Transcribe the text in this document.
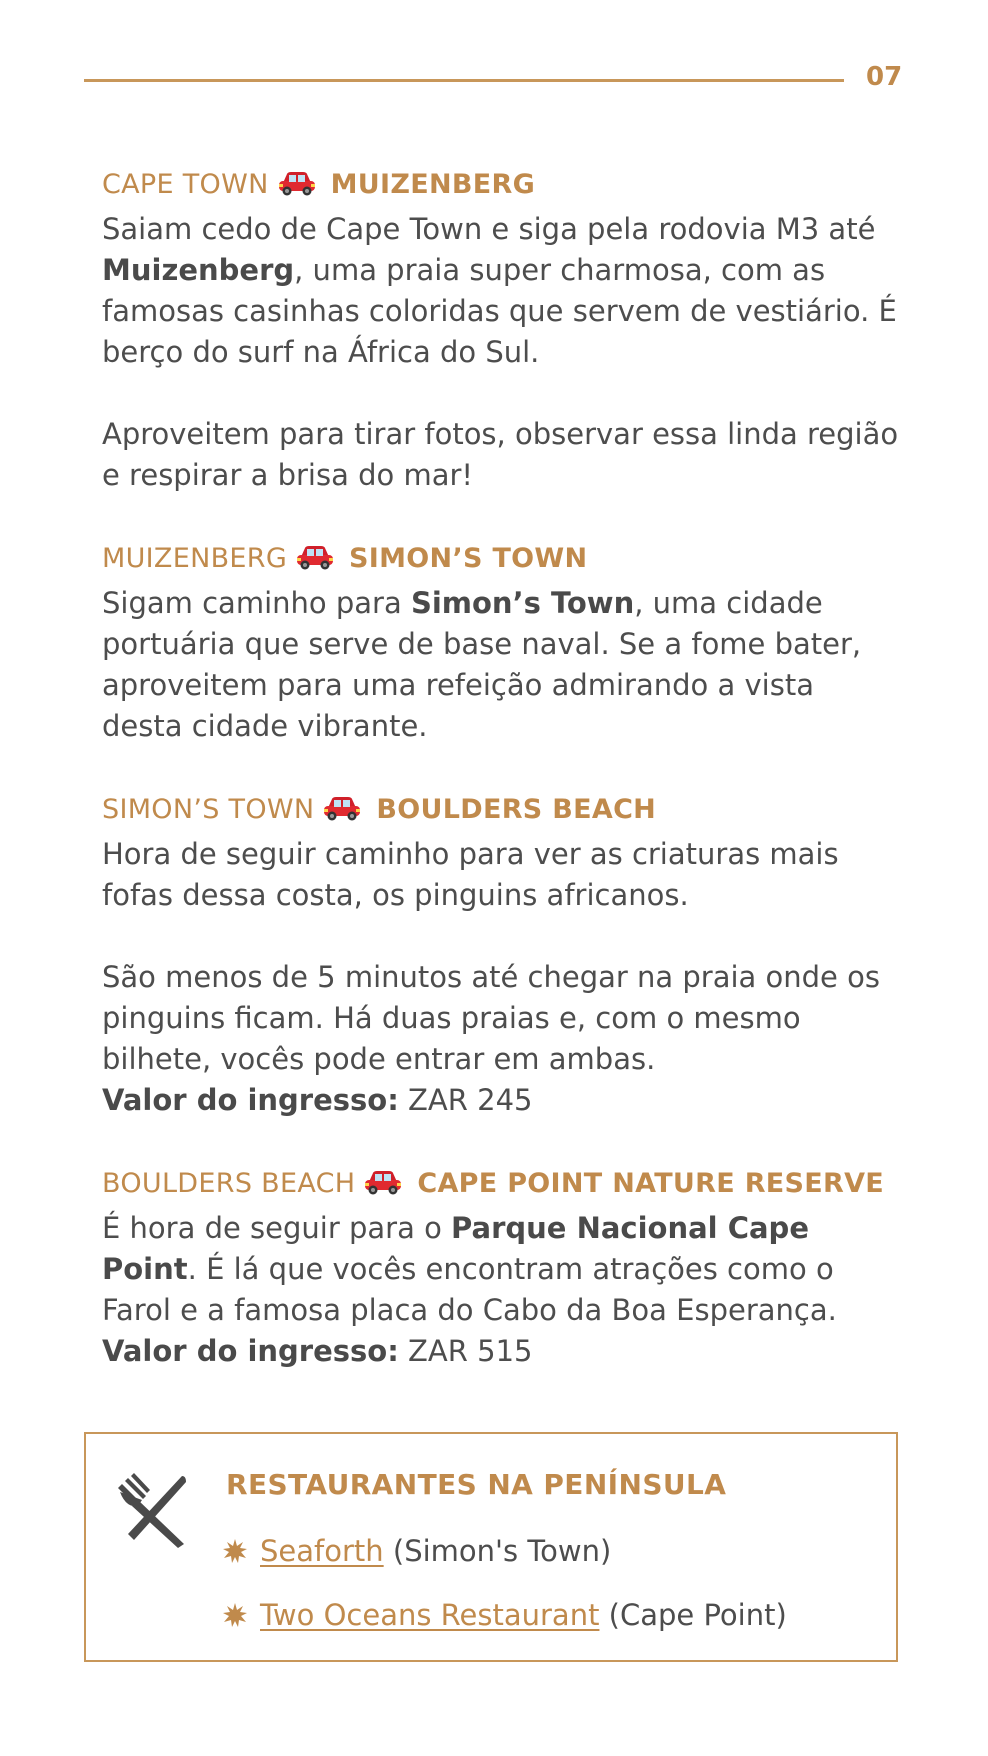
07
CAPE TOWN MUIZENBERG

Saiam cedo de Cape Town e siga pela rodovia M3 até Muizenberg, uma praia super charmosa, com as famosas casinhas coloridas que servem de vestiário. É berço do surf na África do Sul.

Aproveitem para tirar fotos, observar essa linda região e respirar a brisa do mar!

MUIZENBERG SIMON’S TOWN

Sigam caminho para Simon’s Town, uma cidade portuária que serve de base naval. Se a fome bater, aproveitem para uma refeição admirando a vista desta cidade vibrante.

SIMON’S TOWN BOULDERS BEACH

Hora de seguir caminho para ver as criaturas mais fofas dessa costa, os pinguins africanos.

São menos de 5 minutos até chegar na praia onde os pinguins ficam. Há duas praias e, com o mesmo bilhete, vocês pode entrar em ambas.
Valor do ingresso: ZAR 245

BOULDERS BEACH CAPE POINT NATURE RESERVE

É hora de seguir para o Parque Nacional Cape Point. É lá que vocês encontram atrações como o Farol e a famosa placa do Cabo da Boa Esperança.
Valor do ingresso: ZAR 515

RESTAURANTES NA PENÍNSULA
Seaforth (Simon's Town)
Two Oceans Restaurant (Cape Point)
